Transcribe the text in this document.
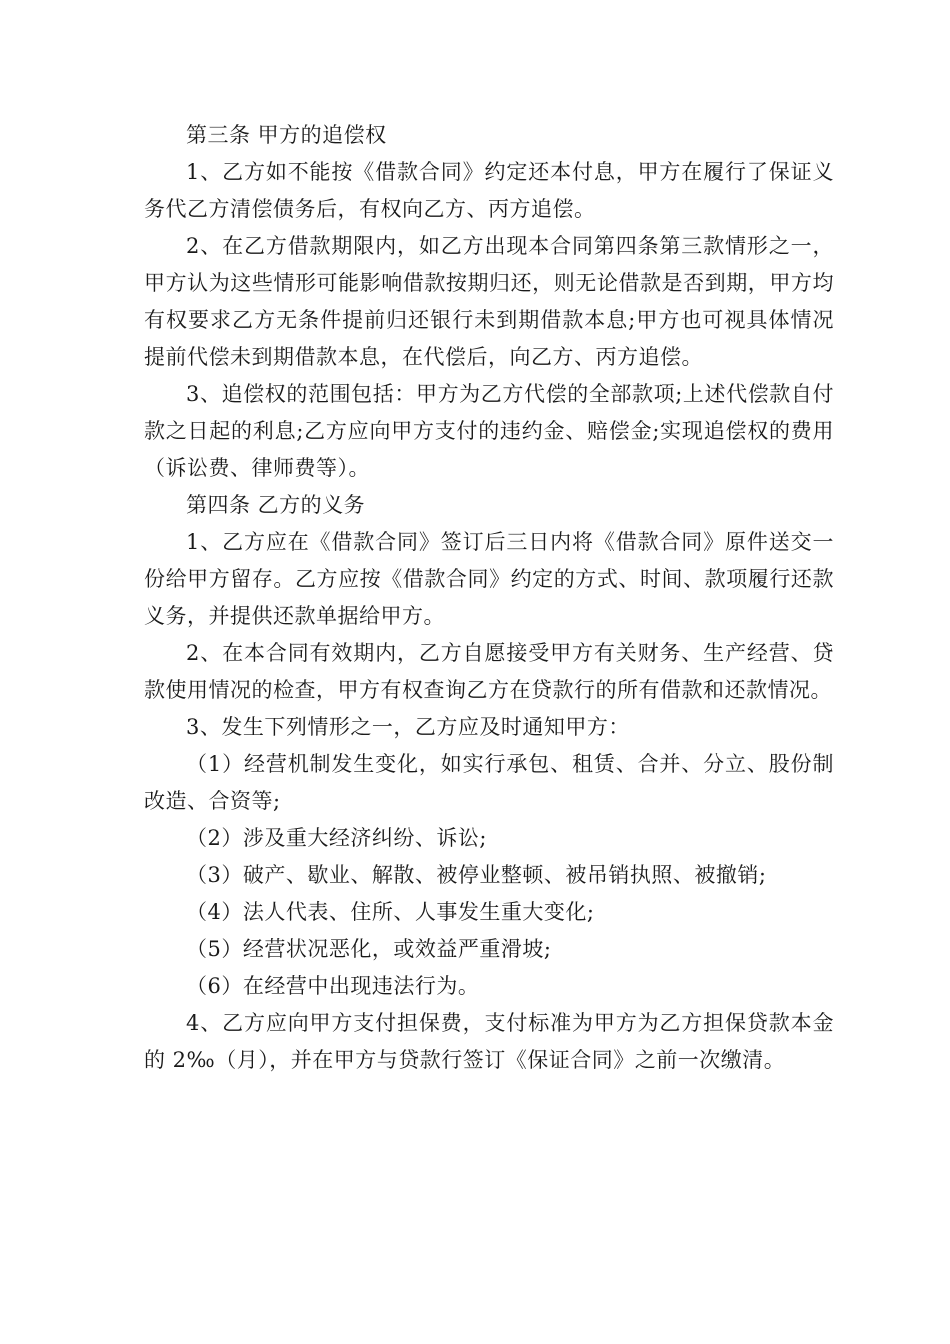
第三条 甲方的追偿权

1、乙方如不能按《借款合同》约定还本付息，甲方在履行了保证义务代乙方清偿债务后，有权向乙方、丙方追偿。

2、在乙方借款期限内，如乙方出现本合同第四条第三款情形之一，甲方认为这些情形可能影响借款按期归还，则无论借款是否到期，甲方均有权要求乙方无条件提前归还银行未到期借款本息;甲方也可视具体情况提前代偿未到期借款本息，在代偿后，向乙方、丙方追偿。

3、追偿权的范围包括：甲方为乙方代偿的全部款项;上述代偿款自付款之日起的利息;乙方应向甲方支付的违约金、赔偿金;实现追偿权的费用（诉讼费、律师费等）。

第四条 乙方的义务

1、乙方应在《借款合同》签订后三日内将《借款合同》原件送交一份给甲方留存。乙方应按《借款合同》约定的方式、时间、款项履行还款义务，并提供还款单据给甲方。

2、在本合同有效期内，乙方自愿接受甲方有关财务、生产经营、贷款使用情况的检查，甲方有权查询乙方在贷款行的所有借款和还款情况。

3、发生下列情形之一，乙方应及时通知甲方：

（1）经营机制发生变化，如实行承包、租赁、合并、分立、股份制改造、合资等;

（2）涉及重大经济纠纷、诉讼;

（3）破产、歇业、解散、被停业整顿、被吊销执照、被撤销;

（4）法人代表、住所、人事发生重大变化;

（5）经营状况恶化，或效益严重滑坡;

（6）在经营中出现违法行为。

4、乙方应向甲方支付担保费，支付标准为甲方为乙方担保贷款本金的 2‰（月），并在甲方与贷款行签订《保证合同》之前一次缴清。
